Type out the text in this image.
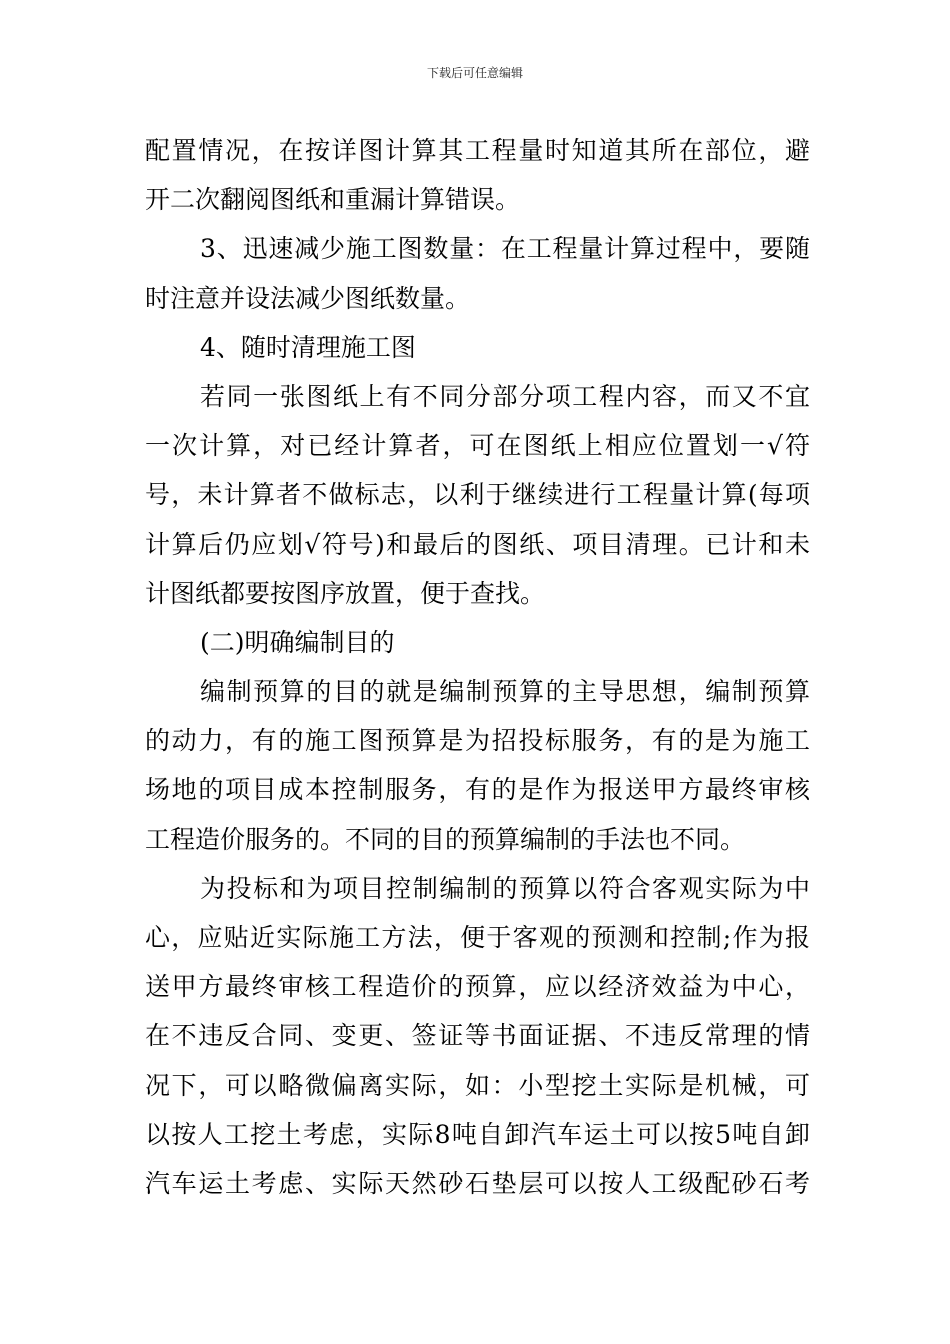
下载后可任意编辑
配置情况，在按详图计算其工程量时知道其所在部位，避
开二次翻阅图纸和重漏计算错误。
3、迅速减少施工图数量：在工程量计算过程中，要随
时注意并设法减少图纸数量。
4、随时清理施工图
若同一张图纸上有不同分部分项工程内容，而又不宜
一次计算，对已经计算者，可在图纸上相应位置划一√符
号，未计算者不做标志，以利于继续进行工程量计算(每项
计算后仍应划√符号)和最后的图纸、项目清理。已计和未
计图纸都要按图序放置，便于查找。
(二)明确编制目的
编制预算的目的就是编制预算的主导思想，编制预算
的动力，有的施工图预算是为招投标服务，有的是为施工
场地的项目成本控制服务，有的是作为报送甲方最终审核
工程造价服务的。不同的目的预算编制的手法也不同。
为投标和为项目控制编制的预算以符合客观实际为中
心，应贴近实际施工方法，便于客观的预测和控制;作为报
送甲方最终审核工程造价的预算，应以经济效益为中心，
在不违反合同、变更、签证等书面证据、不违反常理的情
况下，可以略微偏离实际，如：小型挖土实际是机械，可
以按人工挖土考虑，实际8吨自卸汽车运土可以按5吨自卸
汽车运土考虑、实际天然砂石垫层可以按人工级配砂石考
